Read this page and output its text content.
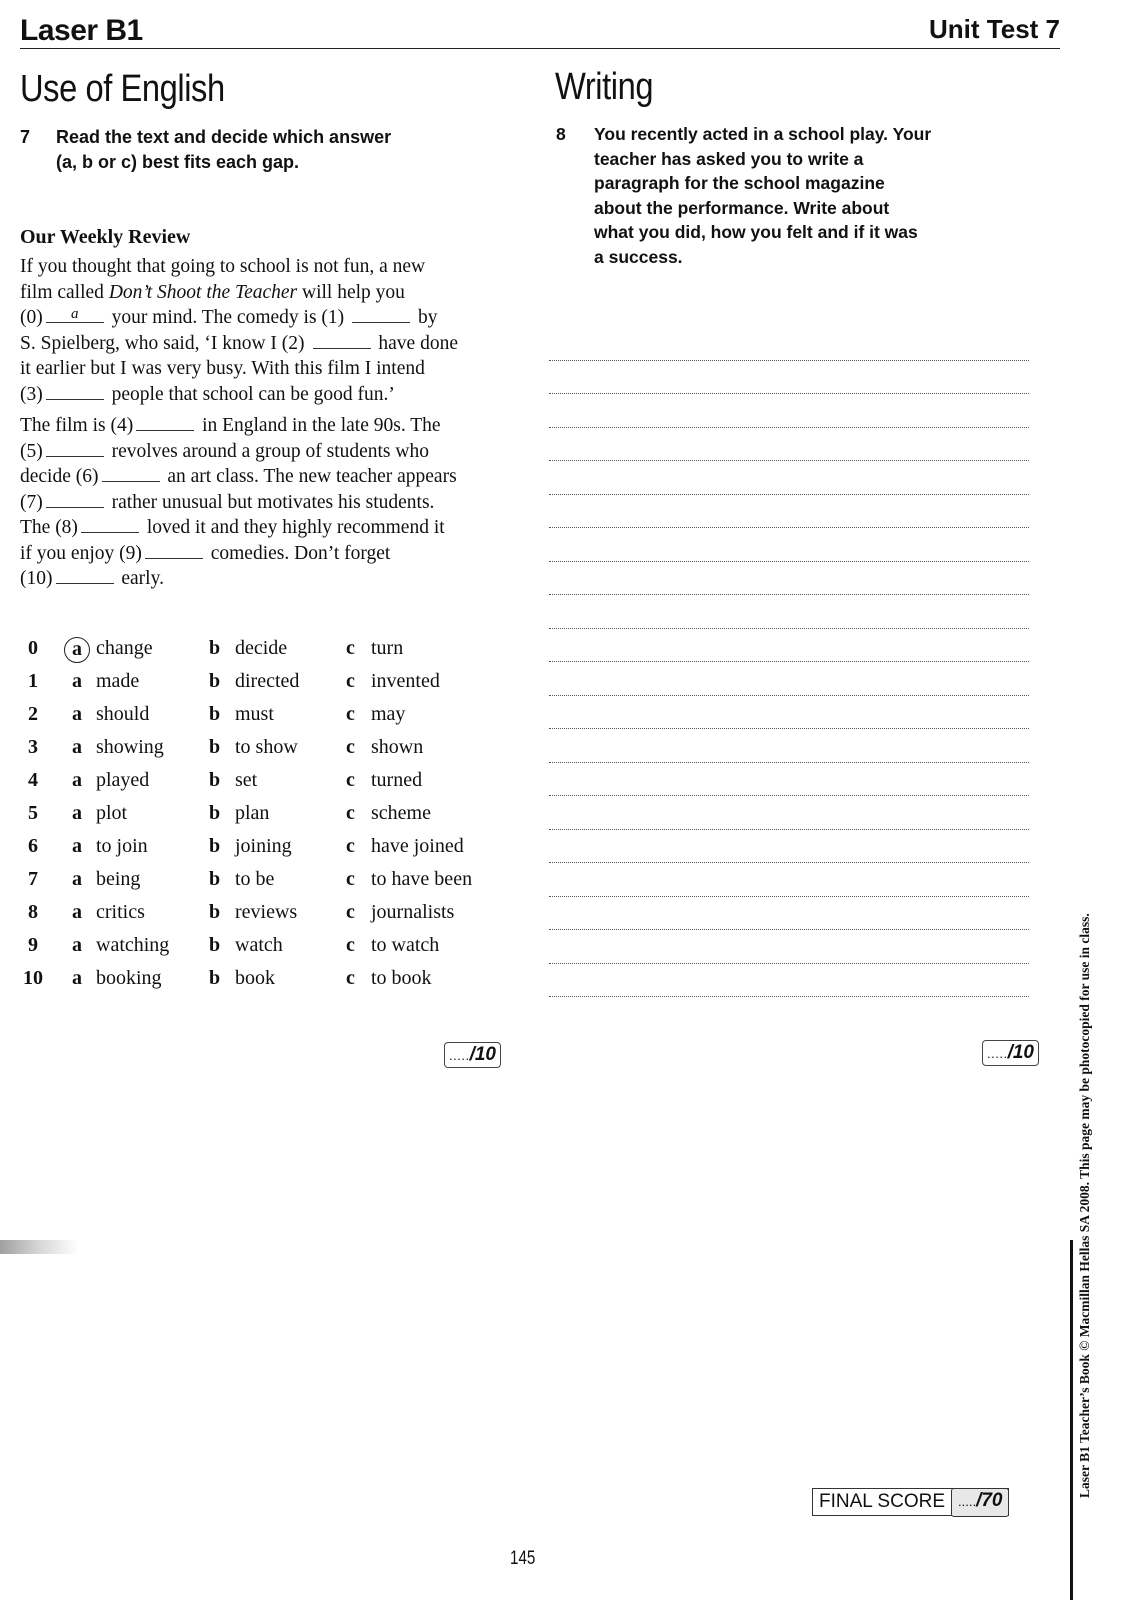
Laser B1	Unit Test 7
Use of English
7 Read the text and decide which answer
(a, b or c) best fits each gap.
Our Weekly Review
If you thought that going to school is not fun, a new
film called Don’t Shoot the Teacher will help you
(0)	a	your mind. The comedy is (1)	by
S. Spielberg, who said, ‘I know I (2)	have done
it earlier but I was very busy. With this film I intend
(3)	people that school can be good fun.’
The film is (4)	in England in the late 90s. The
(5)	revolves around a group of students who
decide (6)	an art class. The new teacher appears
(7)	rather unusual but motivates his students.
The (8)	loved it and they highly recommend it
if you enjoy (9)	comedies. Don’t forget
(10)	early.
0	a change	b decide	c turn
1	a made	b directed c invented
2	a should	b must	c may
3	a showing b to show c shown
4	a played	b set	c turned
5	a plot	b plan	c scheme
6	a to join	b joining	c have joined
7	a being	b to be	c to have been
8	a critics	b reviews c journalists
9	a watching b watch	c to watch
10 a booking b book	c to book
...../10
Writing
8 You recently acted in a school play. Your
teacher has asked you to write a
paragraph for the school magazine
about the performance. Write about
what you did, how you felt and if it was
a success.
...../10
FINAL SCORE	...../70
145
Laser B1 Teacher’s Book © Macmillan Hellas SA 2008. This page may be photocopied for use in class.
